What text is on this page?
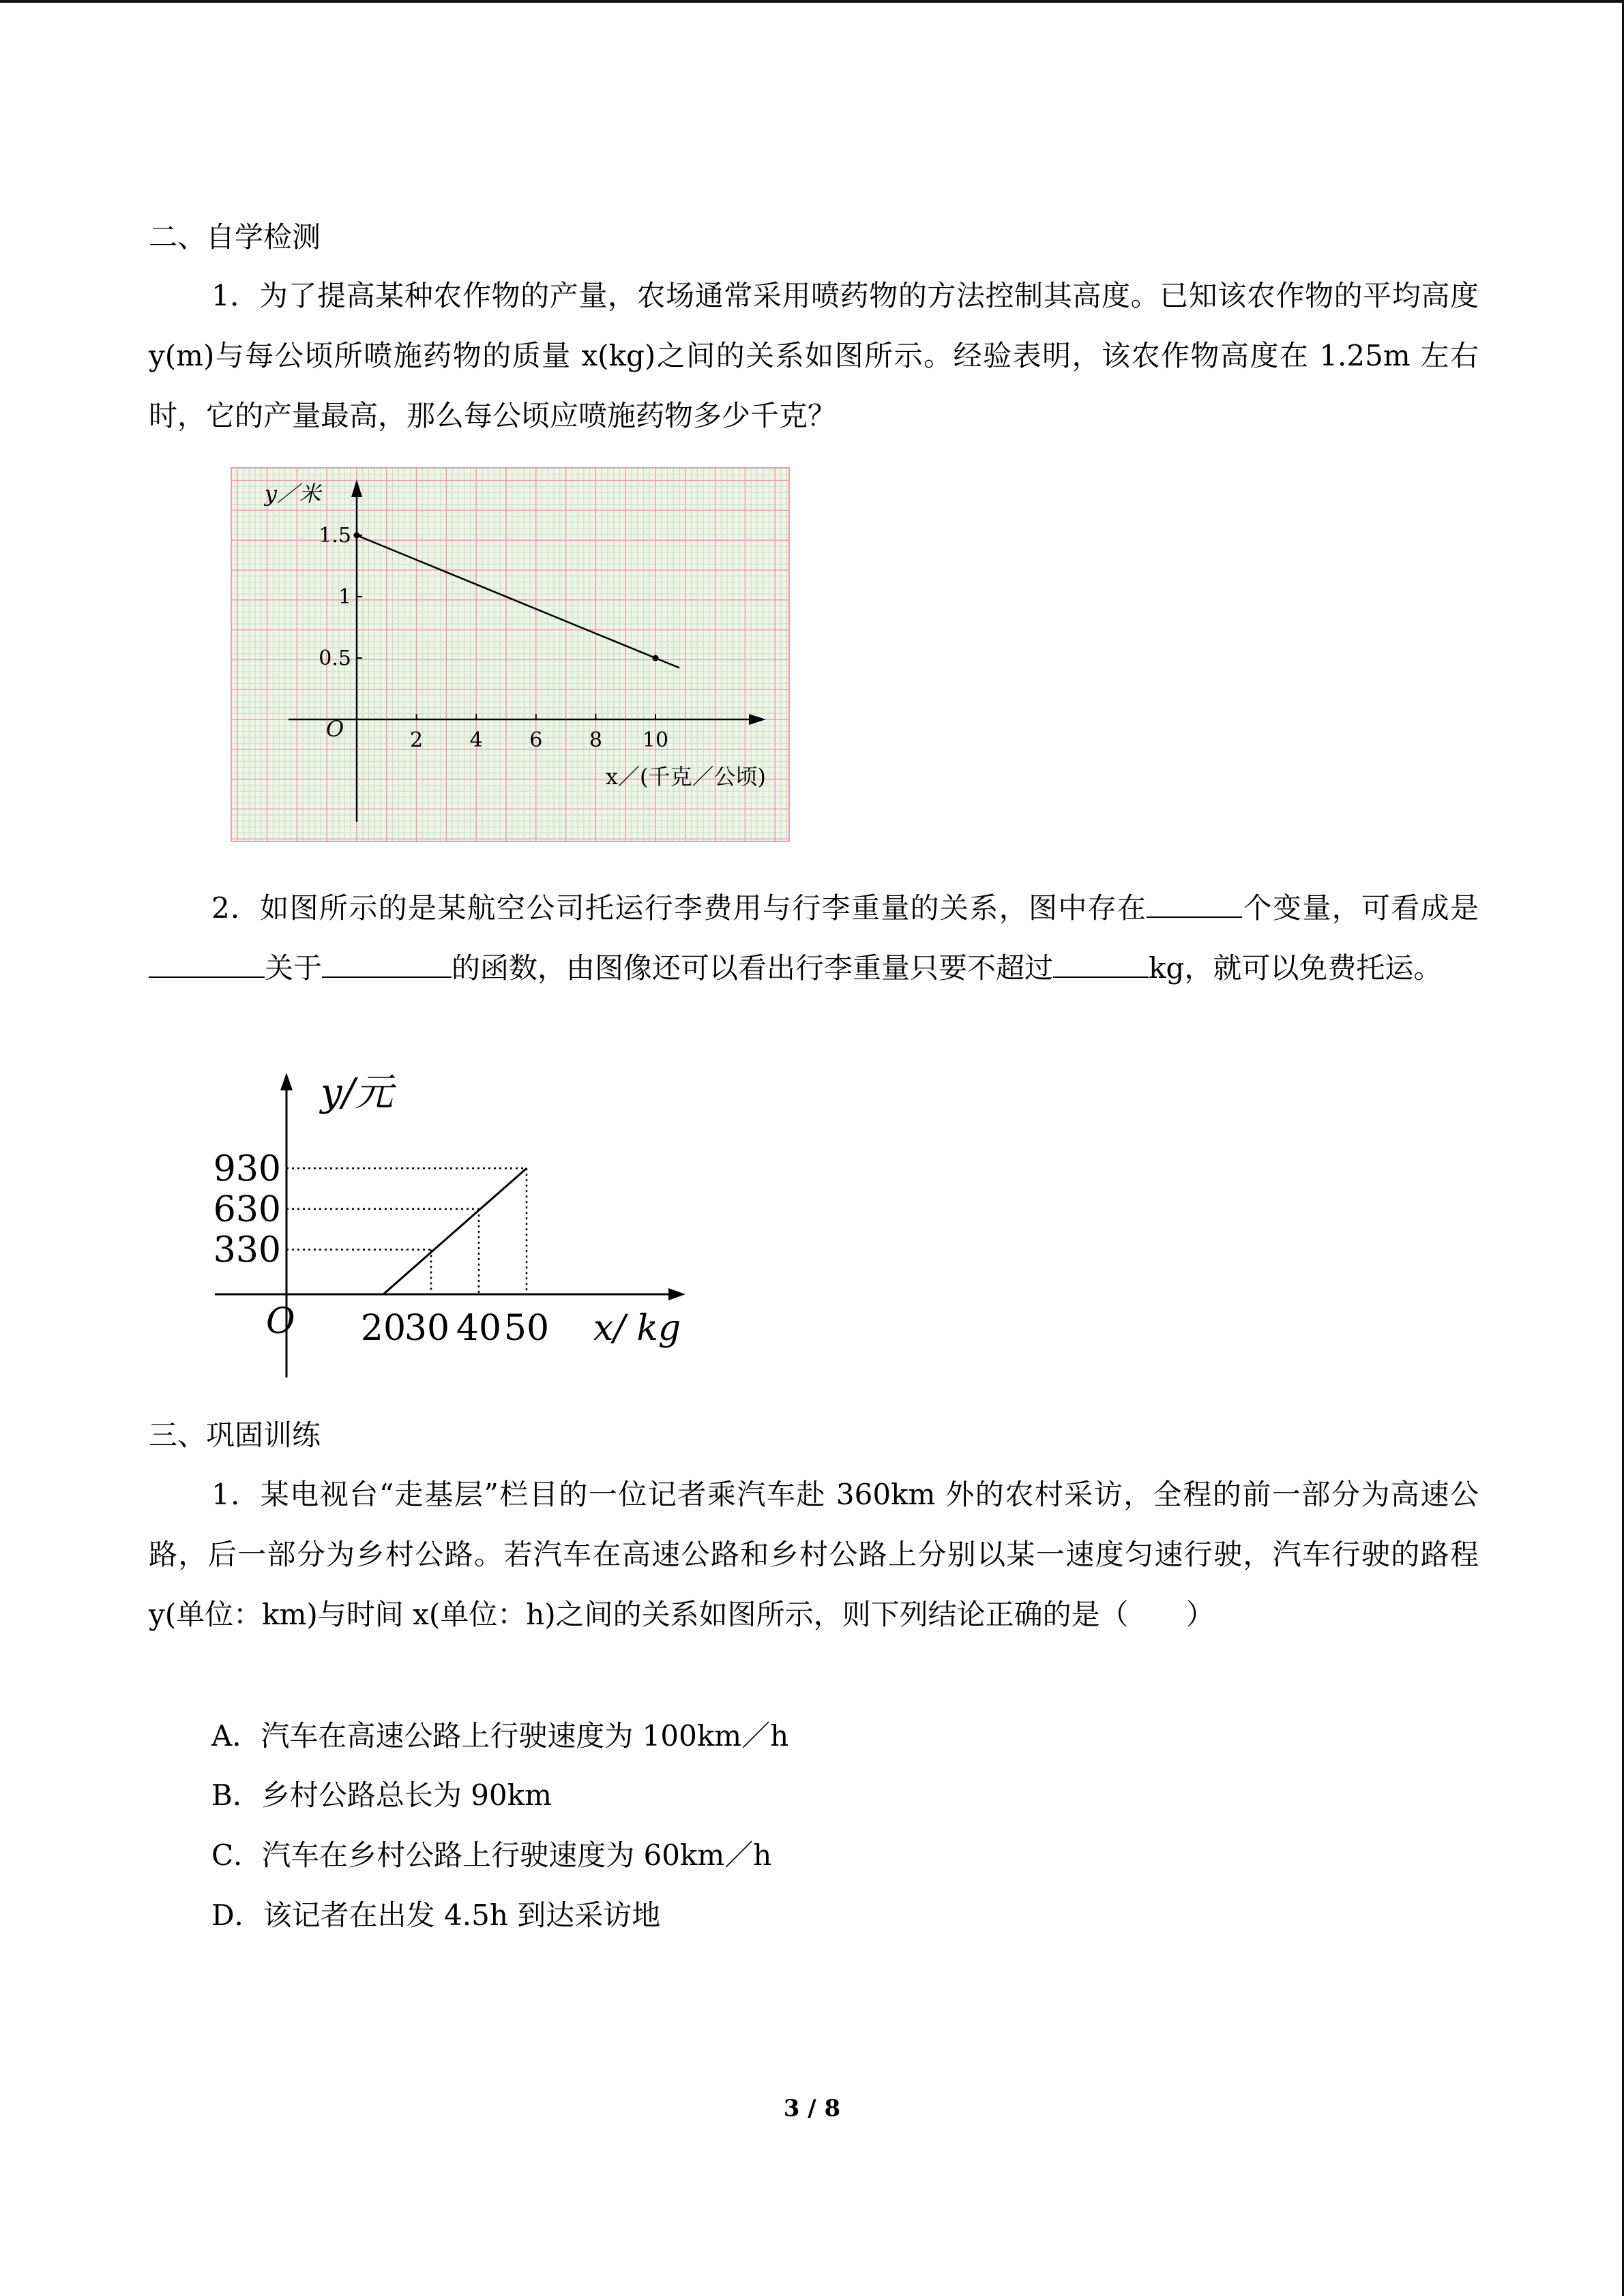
二、自学检测
1．为了提高某种农作物的产量，农场通常采用喷药物的方法控制其高度。已知该农作物的平均高度 y(m)与每公顷所喷施药物的质量 x(kg)之间的关系如图所示。经验表明，该农作物高度在 1.25m 左右时，它的产量最高，那么每公顷应喷施药物多少千克？
2 4 6 8 10
0.5
1
1.5
y／米
x／(千克／公顷)
O
2．如图所示的是某航空公司托运行李费用与行李重量的关系，图中存在	个变量，可看成是关于	的函数，由图像还可以看出行李重量只要不超过	kg，就可以免费托运。
20
30 40 50
330
630
930
y/元
x/ kg
O
三、巩固训练
1．某电视台“走基层”栏目的一位记者乘汽车赴 360km 外的农村采访，全程的前一部分为高速公路，后一部分为乡村公路。若汽车在高速公路和乡村公路上分别以某一速度匀速行驶，汽车行驶的路程 y(单位：km)与时间 x(单位：h)之间的关系如图所示，则下列结论正确的是（　　）
A．汽车在高速公路上行驶速度为 100km／h
B．乡村公路总长为 90km
C．汽车在乡村公路上行驶速度为 60km／h
D．该记者在出发 4.5h 到达采访地
3 / 8
